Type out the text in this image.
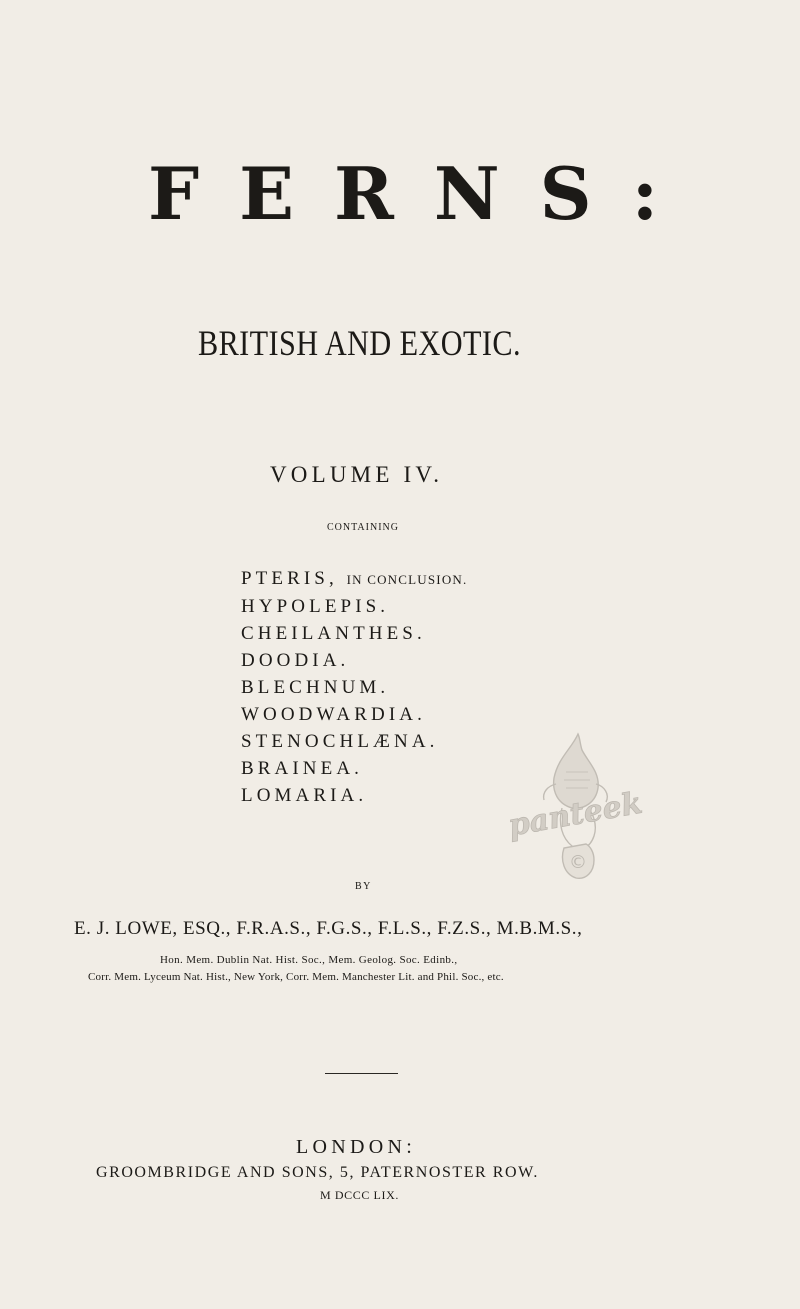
FERNS:
BRITISH AND EXOTIC.
VOLUME IV.
CONTAINING
PTERIS, IN CONCLUSION.
HYPOLEPIS.
CHEILANTHES.
DOODIA.
BLECHNUM.
WOODWARDIA.
STENOCHLÆNA.
BRAINEA.
LOMARIA.	panteek
©
BY
E. J. LOWE, ESQ., F.R.A.S., F.G.S., F.L.S., F.Z.S., M.B.M.S.,
Hon. Mem. Dublin Nat. Hist. Soc., Mem. Geolog. Soc. Edinb.,
Corr. Mem. Lyceum Nat. Hist., New York, Corr. Mem. Manchester Lit. and Phil. Soc., etc.
LONDON:
GROOMBRIDGE AND SONS, 5, PATERNOSTER ROW.
M DCCC LIX.
